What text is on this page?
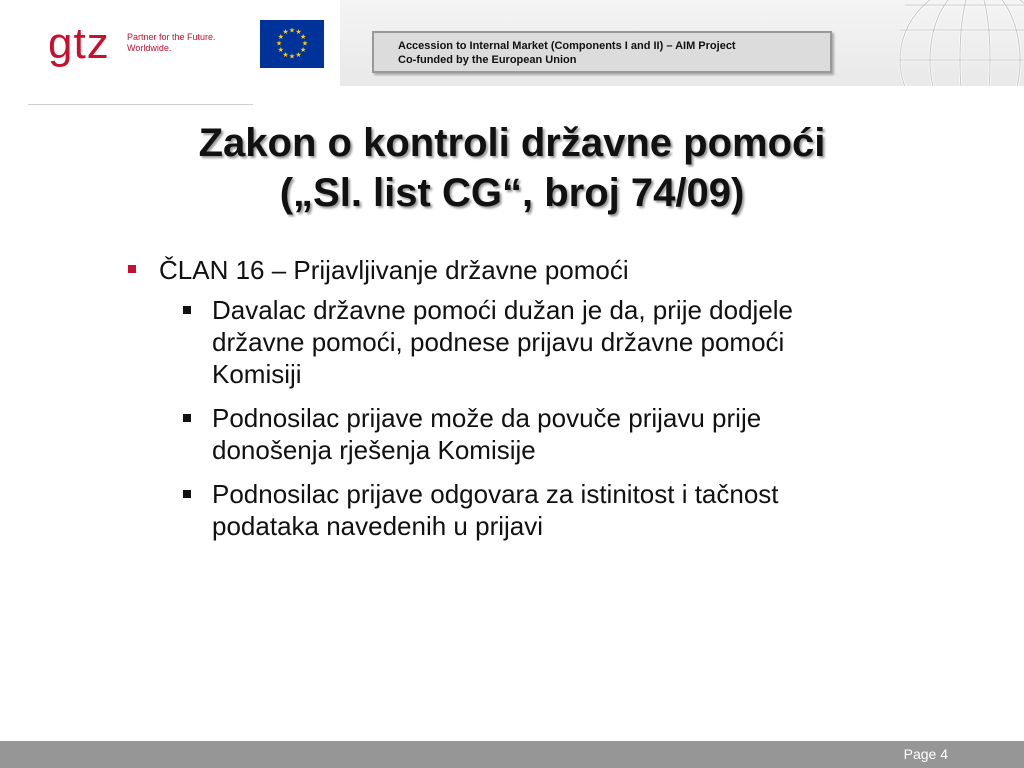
gtz Partner for the Future.
Worldwide.
★ ★
★
★
★
★
★
★
★
★
★
★
Accession to Internal Market (Components I and II) – AIM Project
Co-funded by the European Union
Zakon o kontroli državne pomoći
(„Sl. list CG“, broj 74/09)
ČLAN 16 – Prijavljivanje državne pomoći
Davalac državne pomoći dužan je da, prije dodjele državne pomoći, podnese prijavu državne pomoći Komisiji
Podnosilac prijave može da povuče prijavu prije donošenja rješenja Komisije
Podnosilac prijave odgovara za istinitost i tačnost podataka navedenih u prijavi
Page 4
